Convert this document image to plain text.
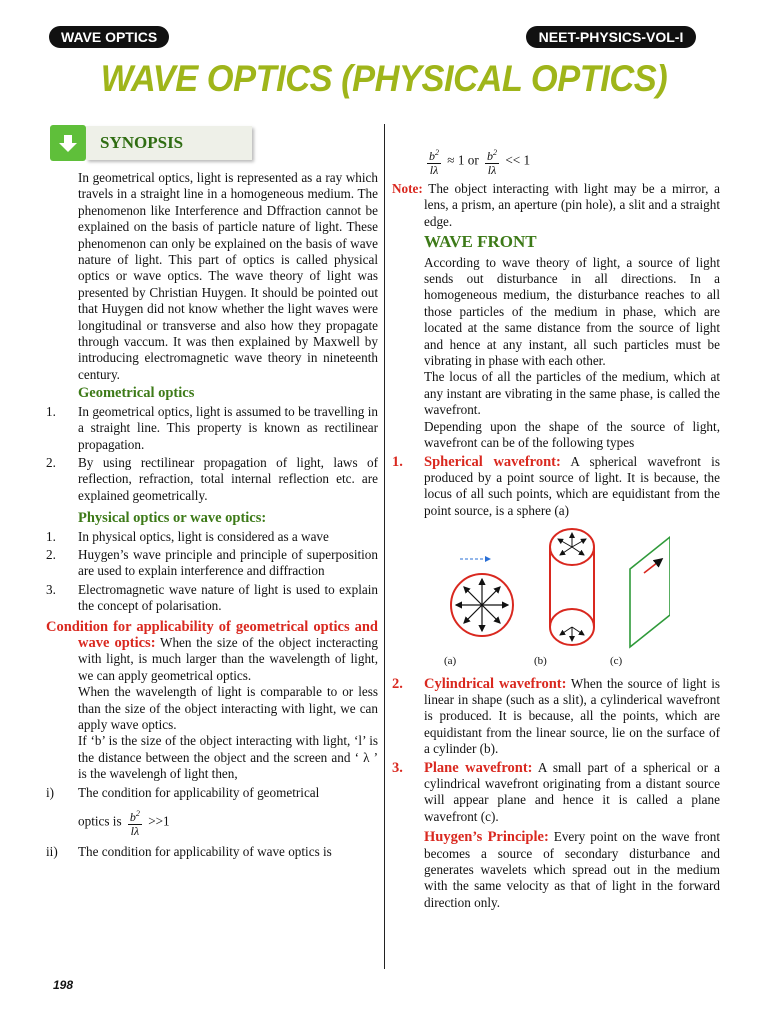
WAVE OPTICS	NEET-PHYSICS-VOL-I
WAVE OPTICS (PHYSICAL OPTICS)
SYNOPSIS

In geometrical optics, light is represented as a ray which travels in a straight line in a homogeneous medium. The phenomenon like Interference and Dffraction cannot be explained on the basis of particle nature of light. These phenomenon can only be explained on the basis of wave nature of light. This part of optics is called physical optics or wave optics. The wave theory of light was presented by Christian Huygen. It should be pointed out that Huygen did not know whether the light waves were longitudinal or transverse and also how they propagate through vaccum. It was then explained by Maxwell by introducing electromagnetic wave theory in nineteenth century.

Geometrical optics
1.	In geometrical optics, light is assumed to be travelling in a straight line. This property is known as rectilinear propagation.
2.	By using rectilinear propagation of light, laws of reflection, refraction, total internal reflection etc. are explained geometrically.
Physical optics or wave optics:
1.	In physical optics, light is considered as a wave
2.	Huygen’s wave principle and principle of superposition are used to explain interference and diffraction
3.	Electromagnetic wave nature of light is used to explain the concept of polarisation.

Condition for applicability of geometrical optics and wave optics: When the size of the object incteracting with light, is much larger than the wavelength of light, we can apply geometrical optics.

When the wavelength of light is comparable to or less than the size of the object interacting with light, we can apply wave optics.

If ‘b’ is the size of the object interacting with light, ‘l’ is the distance between the object and the screen and ‘ λ ’ is the wavelengh of light then,

i)	The condition for applicability of geometrical
optics is $\frac{b^2}{l\lambda} >>1$
ii)	The condition for applicability of wave optics is
$\frac{b^2}{l\lambda} \approx 1$ or $\frac{b^2}{l\lambda} << 1$

Note: The object interacting with light may be a mirror, a lens, a prism, an aperture (pin hole), a slit and a straight edge.

WAVE FRONT

According to wave theory of light, a source of light sends out disturbance in all directions. In a homogeneous medium, the disturbance reaches to all those particles of the medium in phase, which are located at the same distance from the source of light and hence at any instant, all such particles must be vibrating in phase with each other.

The locus of all the particles of the medium, which at any instant are vibrating in the same phase, is called the wavefront.

Depending upon the shape of the source of light, wavefront can be of the following types

1.	Spherical wavefront: A spherical wavefront is produced by a point source of light. It is because, the locus of all such points, which are equidistant from the point source, is a sphere (a)
(a)	(b)	(c)
2.	Cylindrical wavefront: When the source of light is linear in shape (such as a slit), a cylinderical wavefront is produced. It is because, all the points, which are equidistant from the linear source, lie on the surface of a cylinder (b).
3.	Plane wavefront: A small part of a spherical or a cylindrical wavefront originating from a distant source will appear plane and hence it is called a plane wavefront (c).

Huygen’s Principle: Every point on the wave front becomes a source of secondary disturbance and generates wavelets which spread out in the medium with the same velocity as that of light in the forward direction only.

198
